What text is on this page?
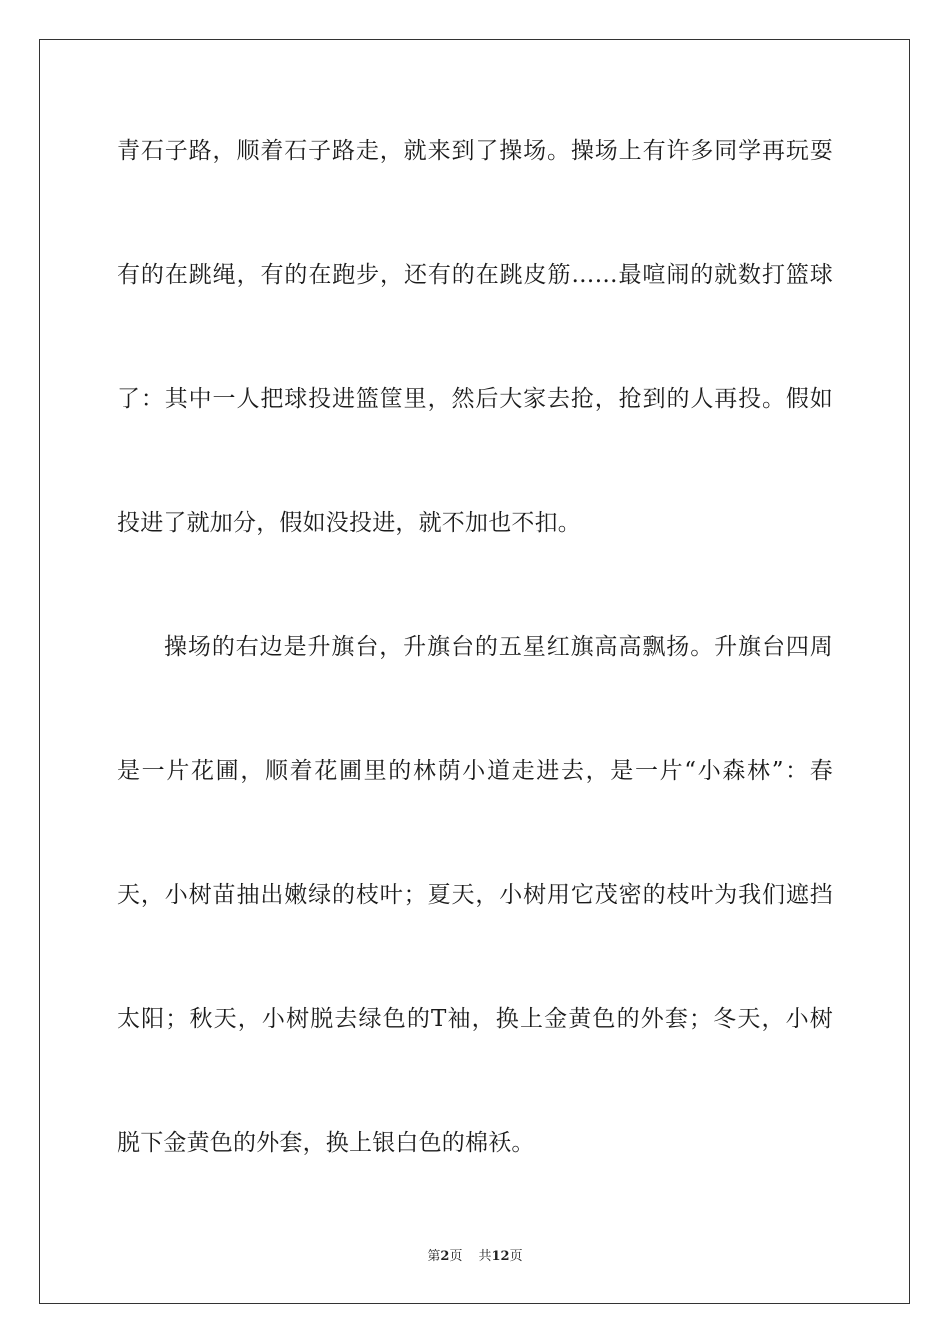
青石子路，顺着石子路走，就来到了操场。操场上有许多同学再玩耍
有的在跳绳，有的在跑步，还有的在跳皮筋……最喧闹的就数打篮球
了：其中一人把球投进篮筐里，然后大家去抢，抢到的人再投。假如
投进了就加分，假如没投进，就不加也不扣。
操场的右边是升旗台，升旗台的五星红旗高高飘扬。升旗台四周
是一片花圃，顺着花圃里的林荫小道走进去，是一片“小森林”：春
天，小树苗抽出嫩绿的枝叶；夏天，小树用它茂密的枝叶为我们遮挡
太阳；秋天，小树脱去绿色的T袖，换上金黄色的外套；冬天，小树
脱下金黄色的外套，换上银白色的棉袄。
第2页 共12页
